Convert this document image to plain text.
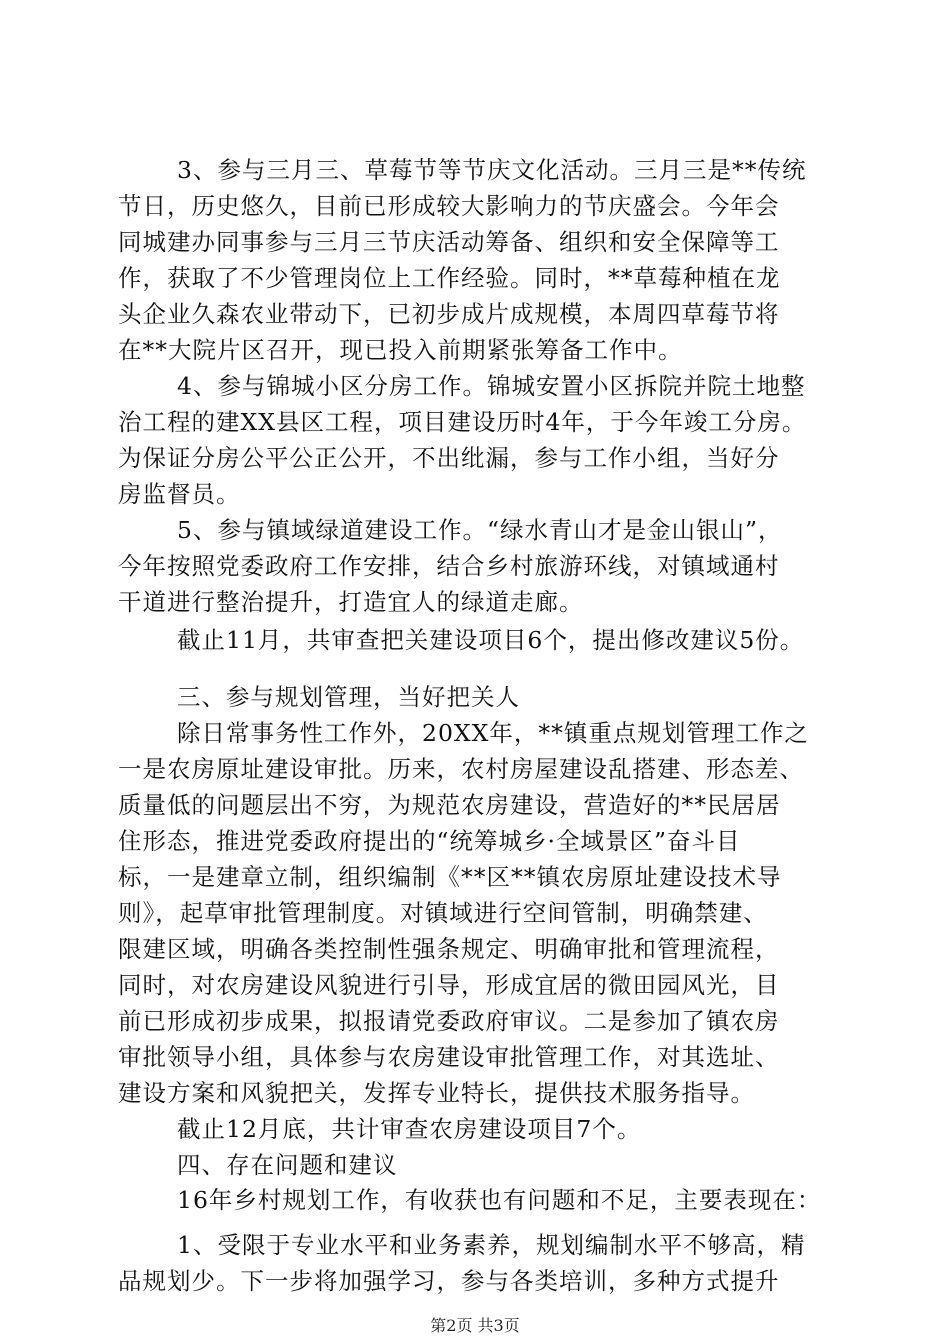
3、参与三月三、草莓节等节庆文化活动。三月三是**传统
节日，历史悠久，目前已形成较大影响力的节庆盛会。今年会
同城建办同事参与三月三节庆活动筹备、组织和安全保障等工
作，获取了不少管理岗位上工作经验。同时，**草莓种植在龙
头企业久森农业带动下，已初步成片成规模，本周四草莓节将
在**大院片区召开，现已投入前期紧张筹备工作中。
4、参与锦城小区分房工作。锦城安置小区拆院并院土地整
治工程的建XX县区工程，项目建设历时4年，于今年竣工分房。
为保证分房公平公正公开，不出纰漏，参与工作小组，当好分
房监督员。
5、参与镇域绿道建设工作。“绿水青山才是金山银山”，
今年按照党委政府工作安排，结合乡村旅游环线，对镇域通村
干道进行整治提升，打造宜人的绿道走廊。
截止11月，共审查把关建设项目6个，提出修改建议5份。
三、参与规划管理，当好把关人
除日常事务性工作外，20XX年，**镇重点规划管理工作之
一是农房原址建设审批。历来，农村房屋建设乱搭建、形态差、
质量低的问题层出不穷，为规范农房建设，营造好的**民居居
住形态，推进党委政府提出的“统筹城乡·全域景区”奋斗目
标，一是建章立制，组织编制《**区**镇农房原址建设技术导
则》，起草审批管理制度。对镇域进行空间管制，明确禁建、
限建区域，明确各类控制性强条规定、明确审批和管理流程，
同时，对农房建设风貌进行引导，形成宜居的微田园风光，目
前已形成初步成果，拟报请党委政府审议。二是参加了镇农房
审批领导小组，具体参与农房建设审批管理工作，对其选址、
建设方案和风貌把关，发挥专业特长，提供技术服务指导。
截止12月底，共计审查农房建设项目7个。
四、存在问题和建议
16年乡村规划工作，有收获也有问题和不足，主要表现在：
1、受限于专业水平和业务素养，规划编制水平不够高，精
品规划少。下一步将加强学习，参与各类培训，多种方式提升
第2页 共3页
